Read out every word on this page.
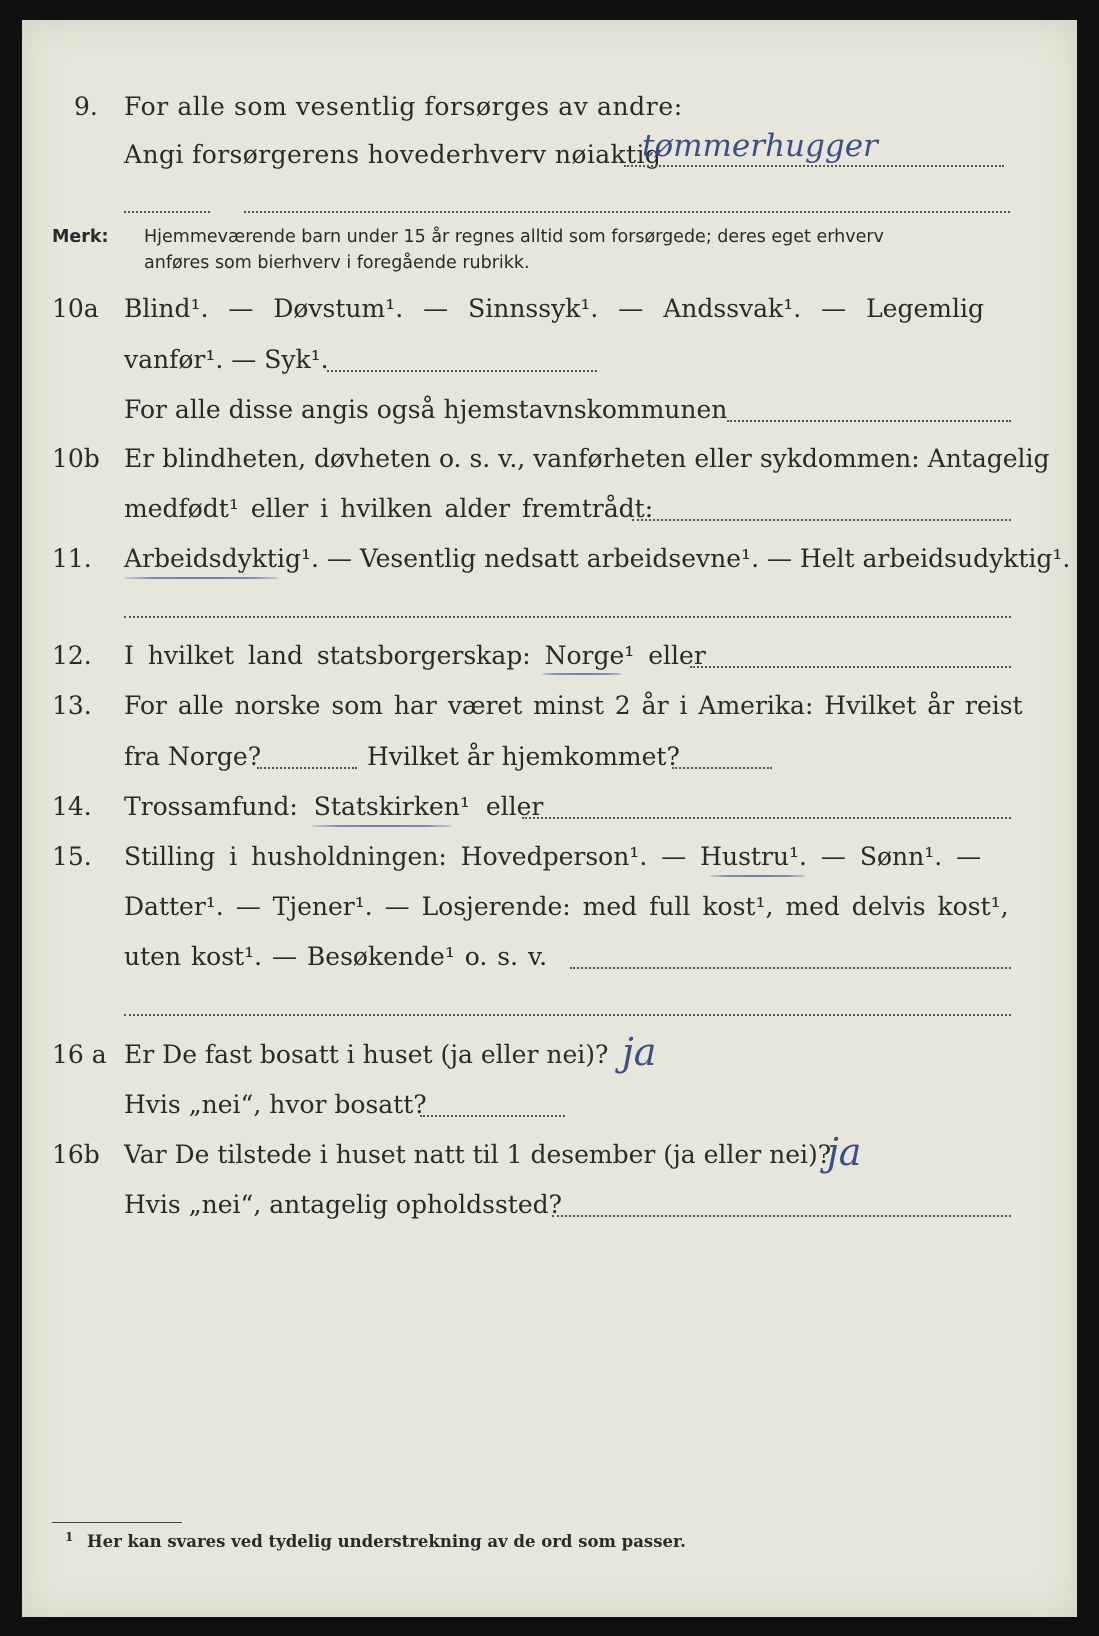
9. For alle som vesentlig forsørges av andre:
Angi forsørgerens hovederhverv nøiaktig
tømmerhugger
Merk: Hjemmeværende barn under 15 år regnes alltid som forsørgede; deres eget erhverv
anføres som bierhverv i foregående rubrikk.
10a Blind¹. — Døvstum¹. — Sinnssyk¹. — Andssvak¹. — Legemlig
vanfør¹. — Syk¹.
For alle disse angis også hjemstavnskommunen
10b Er blindheten, døvheten o. s. v., vanførheten eller sykdommen: Antagelig
medfødt¹ eller i hvilken alder fremtrådt:
11. Arbeidsdyktig¹. — Vesentlig nedsatt arbeidsevne¹. — Helt arbeidsudyktig¹.
12. I hvilket land statsborgerskap: Norge¹ eller
13. For alle norske som har været minst 2 år i Amerika: Hvilket år reist
fra Norge?	Hvilket år hjemkommet?
14. Trossamfund: Statskirken¹ eller
15. Stilling i husholdningen: Hovedperson¹. — Hustru¹. — Sønn¹. —
Datter¹. — Tjener¹. — Losjerende: med full kost¹, med delvis kost¹,
uten kost¹. — Besøkende¹ o. s. v.
16 a Er De fast bosatt i huset (ja eller nei)? ja
Hvis „nei“, hvor bosatt?
16b Var De tilstede i huset natt til 1 desember (ja eller nei)?
ja
Hvis „nei“, antagelig opholdssted?
1 Her kan svares ved tydelig understrekning av de ord som passer.
